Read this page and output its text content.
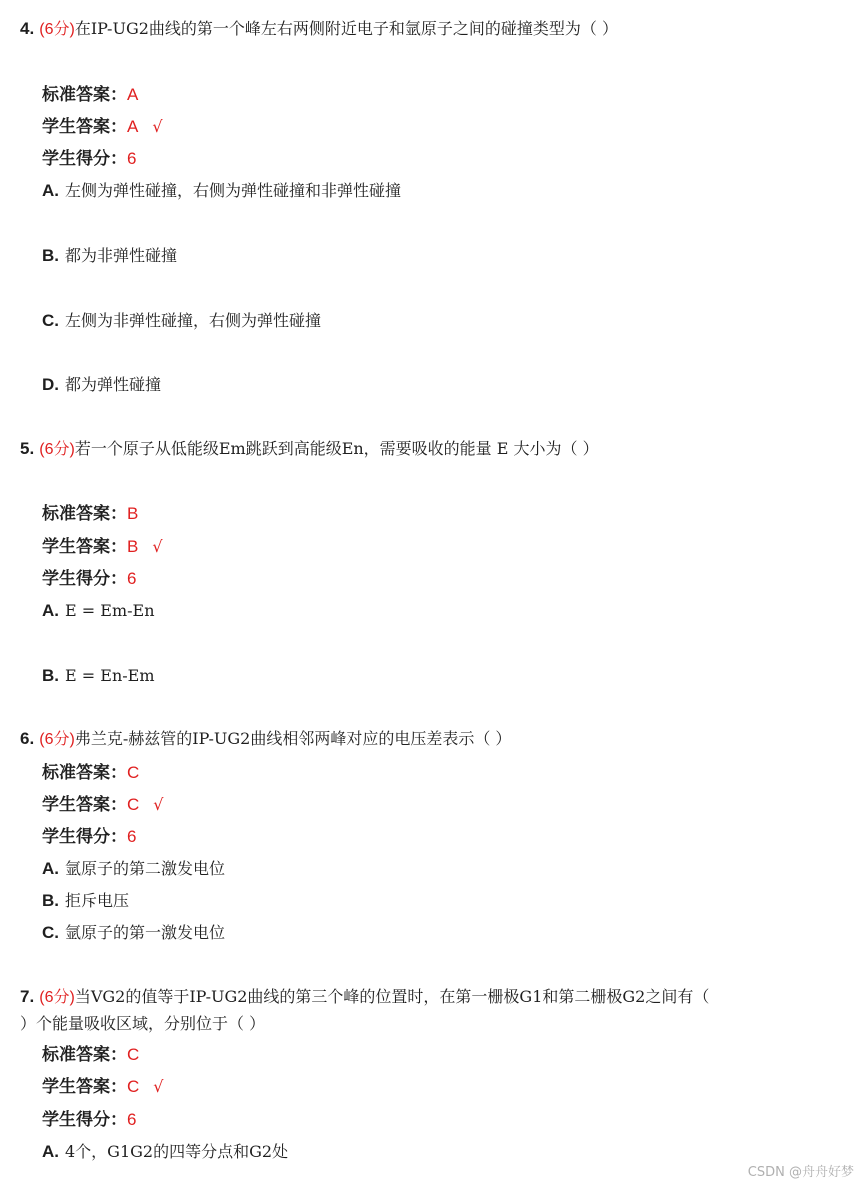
4. (6分)在IP-UG2曲线的第一个峰左右两侧附近电子和氩原子之间的碰撞类型为（ ）
标准答案：A
学生答案：A √
学生得分：6
A. 左侧为弹性碰撞，右侧为弹性碰撞和非弹性碰撞
B. 都为非弹性碰撞
C. 左侧为非弹性碰撞，右侧为弹性碰撞
D. 都为弹性碰撞
5. (6分)若一个原子从低能级Em跳跃到高能级En，需要吸收的能量 E 大小为（ ）
标准答案：B
学生答案：B √
学生得分：6
A. E = Em-En
B. E = En-Em
6. (6分)弗兰克-赫兹管的IP-UG2曲线相邻两峰对应的电压差表示（ ）
标准答案：C
学生答案：C √
学生得分：6
A. 氩原子的第二激发电位
B. 拒斥电压
C. 氩原子的第一激发电位
7. (6分)当VG2的值等于IP-UG2曲线的第三个峰的位置时，在第一栅极G1和第二栅极G2之间有（
）个能量吸收区域，分别位于（ ）
标准答案：C
学生答案：C √
学生得分：6
A. 4个，G1G2的四等分点和G2处
CSDN @舟舟好梦
